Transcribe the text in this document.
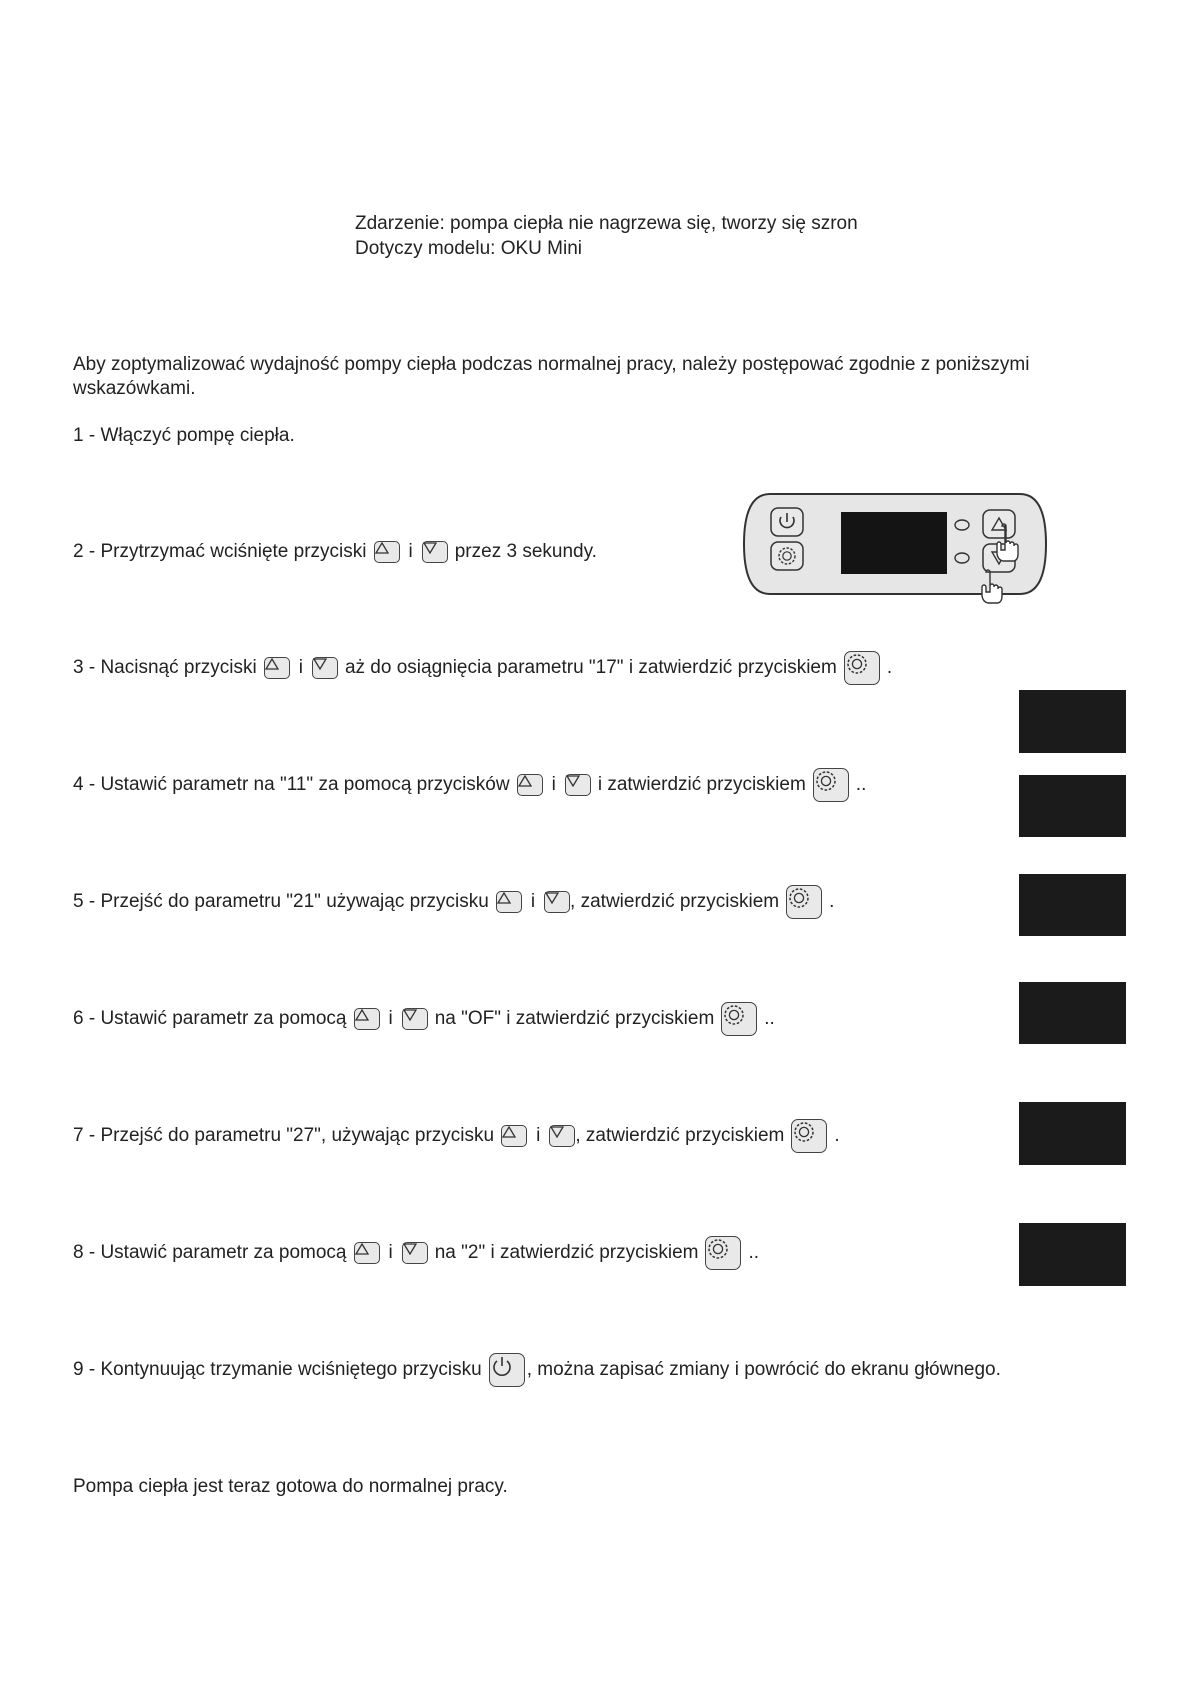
Zdarzenie: pompa ciepła nie nagrzewa się, tworzy się szron
Dotyczy modelu: OKU Mini
Aby zoptymalizować wydajność pompy ciepła podczas normalnej pracy, należy postępować zgodnie z poniższymi wskazówkami.
1 - Włączyć pompę ciepła.
2 - Przytrzymać wciśnięte przyciski i przez 3 sekundy.
3 - Nacisnąć przyciski i aż do osiągnięcia parametru "17" i zatwierdzić przyciskiem	.
4 - Ustawić parametr na "11" za pomocą przycisków i i zatwierdzić przyciskiem	..
5 - Przejść do parametru "21" używając przycisku i , zatwierdzić przyciskiem	.
6 - Ustawić parametr za pomocą i na "OF" i zatwierdzić przyciskiem	..
7 - Przejść do parametru "27", używając przycisku i , zatwierdzić przyciskiem	.
8 - Ustawić parametr za pomocą i na "2" i zatwierdzić przyciskiem	..
9 - Kontynuując trzymanie wciśniętego przycisku , można zapisać zmiany i powrócić do ekranu głównego.
Pompa ciepła jest teraz gotowa do normalnej pracy.
